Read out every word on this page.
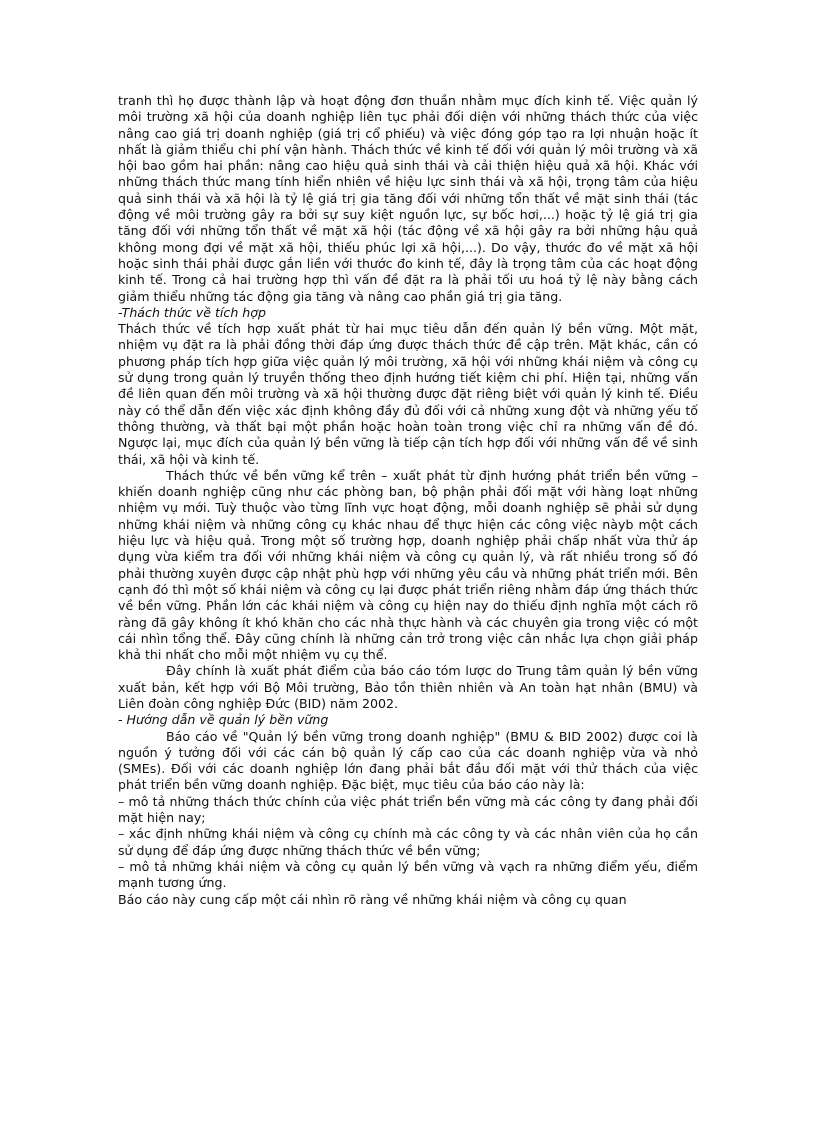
tranh thì họ được thành lập và hoạt động đơn thuần nhằm mục đích kinh tế. Việc quản lý môi trường xã hội của doanh nghiệp liên tục phải đối diện với những thách thức của việc nâng cao giá trị doanh nghiệp (giá trị cổ phiếu) và việc đóng góp tạo ra lợi nhuận hoặc ít nhất là giảm thiểu chi phí vận hành. Thách thức về kinh tế đối với quản lý môi trường và xã hội bao gồm hai phần: nâng cao hiệu quả sinh thái và cải thiện hiệu quả xã hội. Khác với những thách thức mang tính hiển nhiên về hiệu lực sinh thái và xã hội, trọng tâm của hiệu quả sinh thái và xã hội là tỷ lệ giá trị gia tăng đối với những tổn thất về mặt sinh thái (tác động về môi trường gây ra bởi sự suy kiệt nguồn lực, sự bốc hơi,...) hoặc tỷ lệ giá trị gia tăng đối với những tổn thất về mặt xã hội (tác động về xã hội gây ra bởi những hậu quả không mong đợi về mặt xã hội, thiếu phúc lợi xã hội,...). Do vậy, thước đo về mặt xã hội hoặc sinh thái phải được gắn liền với thước đo kinh tế, đây là trọng tâm của các hoạt động kinh tế. Trong cả hai trường hợp thì vấn đề đặt ra là phải tối ưu hoá tỷ lệ này bằng cách giảm thiểu những tác động gia tăng và nâng cao phần giá trị gia tăng.

-Thách thức về tích hợp

Thách thức về tích hợp xuất phát từ hai mục tiêu dẫn đến quản lý bền vững. Một mặt, nhiệm vụ đặt ra là phải đồng thời đáp ứng được thách thức đề cập trên. Mặt khác, cần có phương pháp tích hợp giữa việc quản lý môi trường, xã hội với những khái niệm và công cụ sử dụng trong quản lý truyền thống theo định hướng tiết kiệm chi phí. Hiện tại, những vấn đề liên quan đến môi trường và xã hội thường được đặt riêng biệt với quản lý kinh tế. Điều này có thể dẫn đến việc xác định không đầy đủ đối với cả những xung đột và những yếu tố thông thường, và thất bại một phần hoặc hoàn toàn trong việc chỉ ra những vấn đề đó. Ngược lại, mục đích của quản lý bền vững là tiếp cận tích hợp đối với những vấn đề về sinh thái, xã hội và kinh tế.

Thách thức về bền vững kể trên – xuất phát từ định hướng phát triển bền vững – khiến doanh nghiệp cũng như các phòng ban, bộ phận phải đối mặt với hàng loạt những nhiệm vụ mới. Tuỳ thuộc vào từng lĩnh vực hoạt động, mỗi doanh nghiệp sẽ phải sử dụng những khái niệm và những công cụ khác nhau để thực hiện các công việc nàyb một cách hiệu lực và hiệu quả. Trong một số trường hợp, doanh nghiệp phải chấp nhất vừa thử áp dụng vừa kiểm tra đối với những khái niệm và công cụ quản lý, và rất nhiều trong số đó phải thường xuyên được cập nhật phù hợp với những yêu cầu và những phát triển mới. Bên cạnh đó thì một số khái niệm và công cụ lại được phát triển riêng nhằm đáp ứng thách thức về bền vững. Phần lớn các khái niệm và công cụ hiện nay do thiếu định nghĩa một cách rõ ràng đã gây không ít khó khăn cho các nhà thực hành và các chuyên gia trong việc có một cái nhìn tổng thể. Đây cũng chính là những cản trở trong việc cân nhắc lựa chọn giải pháp khả thi nhất cho mỗi một nhiệm vụ cụ thể.

Đây chính là xuất phát điểm của báo cáo tóm lược do Trung tâm quản lý bền vững xuất bản, kết hợp với Bộ Môi trường, Bảo tồn thiên nhiên và An toàn hạt nhân (BMU) và Liên đoàn công nghiệp Đức (BID) năm 2002.

- Hướng dẫn về quản lý bền vững

Báo cáo về "Quản lý bền vững trong doanh nghiệp" (BMU & BID 2002) được coi là nguồn ý tưởng đối với các cán bộ quản lý cấp cao của các doanh nghiệp vừa và nhỏ (SMEs). Đối với các doanh nghiệp lớn đang phải bắt đầu đối mặt với thử thách của việc phát triển bền vững doanh nghiệp. Đặc biệt, mục tiêu của báo cáo này là:

– mô tả những thách thức chính của việc phát triển bền vững mà các công ty đang phải đối mặt hiện nay;

– xác định những khái niệm và công cụ chính mà các công ty và các nhân viên của họ cần sử dụng để đáp ứng được những thách thức về bền vững;

– mô tả những khái niệm và công cụ quản lý bền vững và vạch ra những điểm yếu, điểm mạnh tương ứng.

Báo cáo này cung cấp một cái nhìn rõ ràng về những khái niệm và công cụ quan
